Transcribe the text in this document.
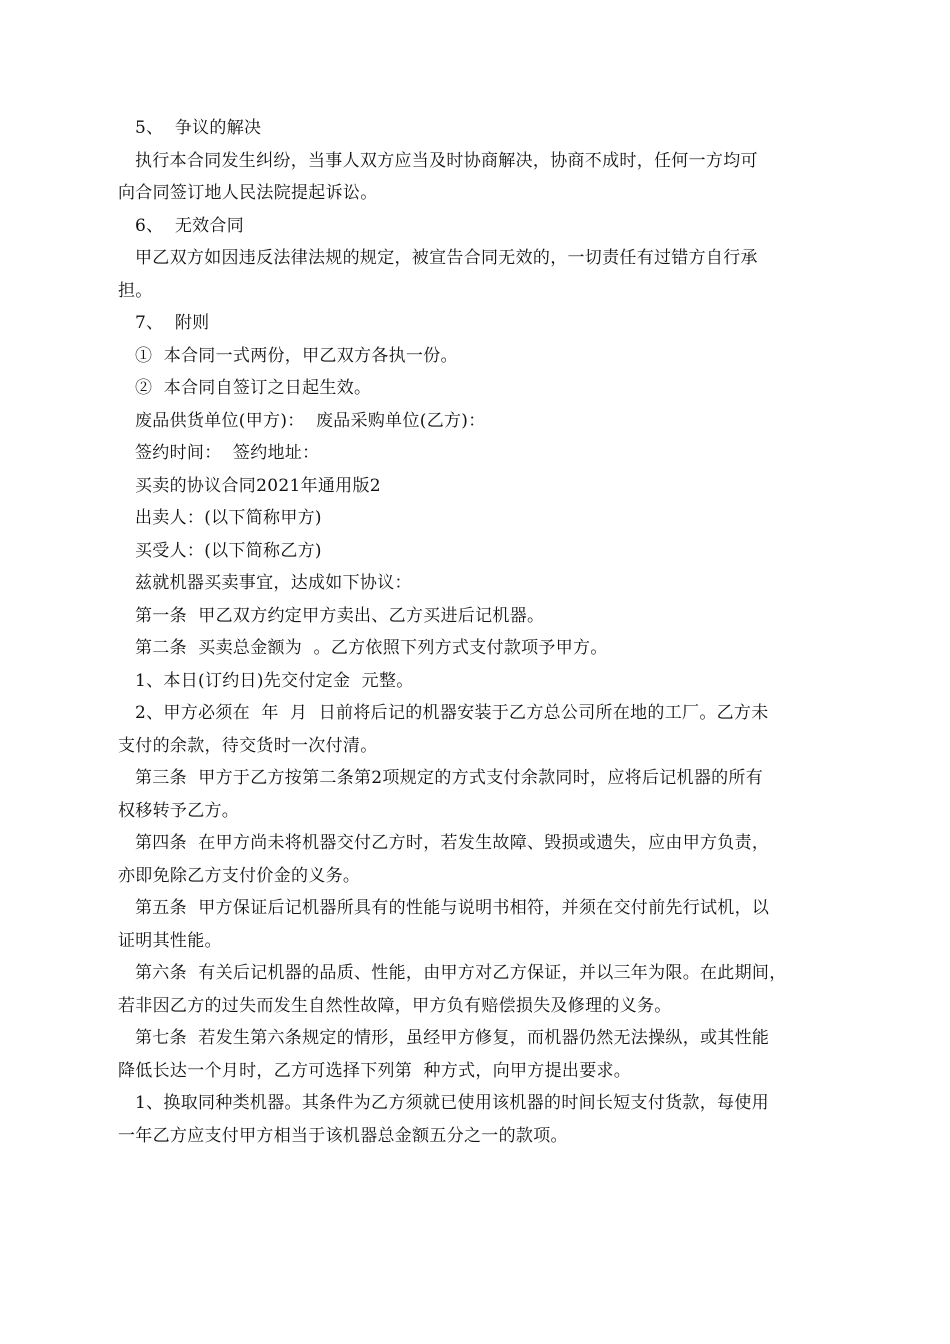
5、  争议的解决
执行本合同发生纠纷，当事人双方应当及时协商解决，协商不成时，任何一方均可
向合同签订地人民法院提起诉讼。
6、  无效合同
甲乙双方如因违反法律法规的规定，被宣告合同无效的，一切责任有过错方自行承
担。
7、  附则
①  本合同一式两份，甲乙双方各执一份。
②  本合同自签订之日起生效。
废品供货单位(甲方)：  废品采购单位(乙方)：
签约时间：  签约地址：
买卖的协议合同2021年通用版2
出卖人：(以下简称甲方)
买受人：(以下简称乙方)
兹就机器买卖事宜，达成如下协议：
第一条  甲乙双方约定甲方卖出、乙方买进后记机器。
第二条  买卖总金额为  。乙方依照下列方式支付款项予甲方。
1、本日(订约日)先交付定金  元整。
2、甲方必须在  年  月  日前将后记的机器安装于乙方总公司所在地的工厂。乙方未
支付的余款，待交货时一次付清。
第三条  甲方于乙方按第二条第2项规定的方式支付余款同时，应将后记机器的所有
权移转予乙方。
第四条  在甲方尚未将机器交付乙方时，若发生故障、毁损或遗失，应由甲方负责，
亦即免除乙方支付价金的义务。
第五条  甲方保证后记机器所具有的性能与说明书相符，并须在交付前先行试机，以
证明其性能。
第六条  有关后记机器的品质、性能，由甲方对乙方保证，并以三年为限。在此期间，
若非因乙方的过失而发生自然性故障，甲方负有赔偿损失及修理的义务。
第七条  若发生第六条规定的情形，虽经甲方修复，而机器仍然无法操纵，或其性能
降低长达一个月时，乙方可选择下列第  种方式，向甲方提出要求。
1、换取同种类机器。其条件为乙方须就已使用该机器的时间长短支付货款，每使用
一年乙方应支付甲方相当于该机器总金额五分之一的款项。
